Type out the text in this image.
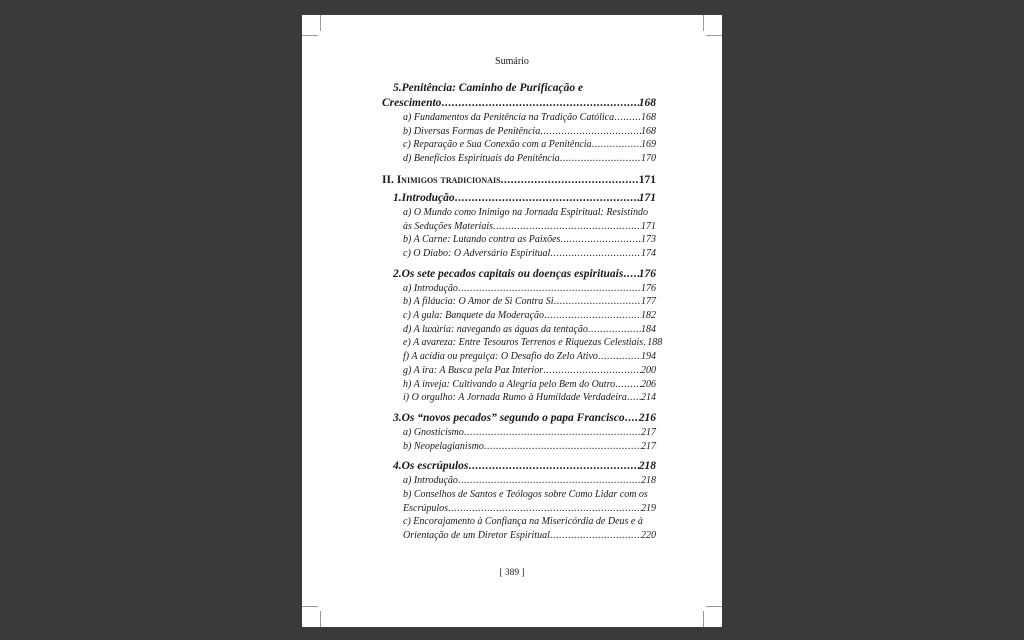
Sumário
5.Penitência: Caminho de Purificação e
Crescimento .....	168
a) Fundamentos da Penitência na Tradição Católica .....	168
b) Diversas Formas de Penitência .....	168
c) Reparação e Sua Conexão com a Penitência .....	169
d) Benefícios Espirituais da Penitência .....	170
II. Inimigos tradicionais .....	171
1.Introdução .....	171
a) O Mundo como Inimigo na Jornada Espiritual: Resistindo
às Seduções Materiais .....	171
b) A Carne: Lutando contra as Paixões .....	173
c) O Diabo: O Adversário Espiritual .....	174
2.Os sete pecados capitais ou doenças espirituais ..... 176
a) Introdução .....	176
b) A filáucia: O Amor de Si Contra Si .....	177
c) A gula: Banquete da Moderação .....	182
d) A luxúria: navegando as águas da tentação .....	184
e) A avareza: Entre Tesouros Terrenos e Riquezas Celestiais ..... 188
f) A acídia ou preguiça: O Desafio do Zelo Ativo .....	194
g) A ira: A Busca pela Paz Interior .....	200
h) A inveja: Cultivando a Alegria pelo Bem do Outro .....	206
i) O orgulho: A Jornada Rumo à Humildade Verdadeira ..... 214
3.Os “novos pecados” segundo o papa Francisco ..... 216
a) Gnosticismo .....	217
b) Neopelagianismo .....	217
4.Os escrúpulos .....	218
a) Introdução .....	218
b) Conselhos de Santos e Teólogos sobre Como Lidar com os
Escrúpulos .....	219
c) Encorajamento à Confiança na Misericórdia de Deus e à
Orientação de um Diretor Espiritual .....	220
[ 389 ]
